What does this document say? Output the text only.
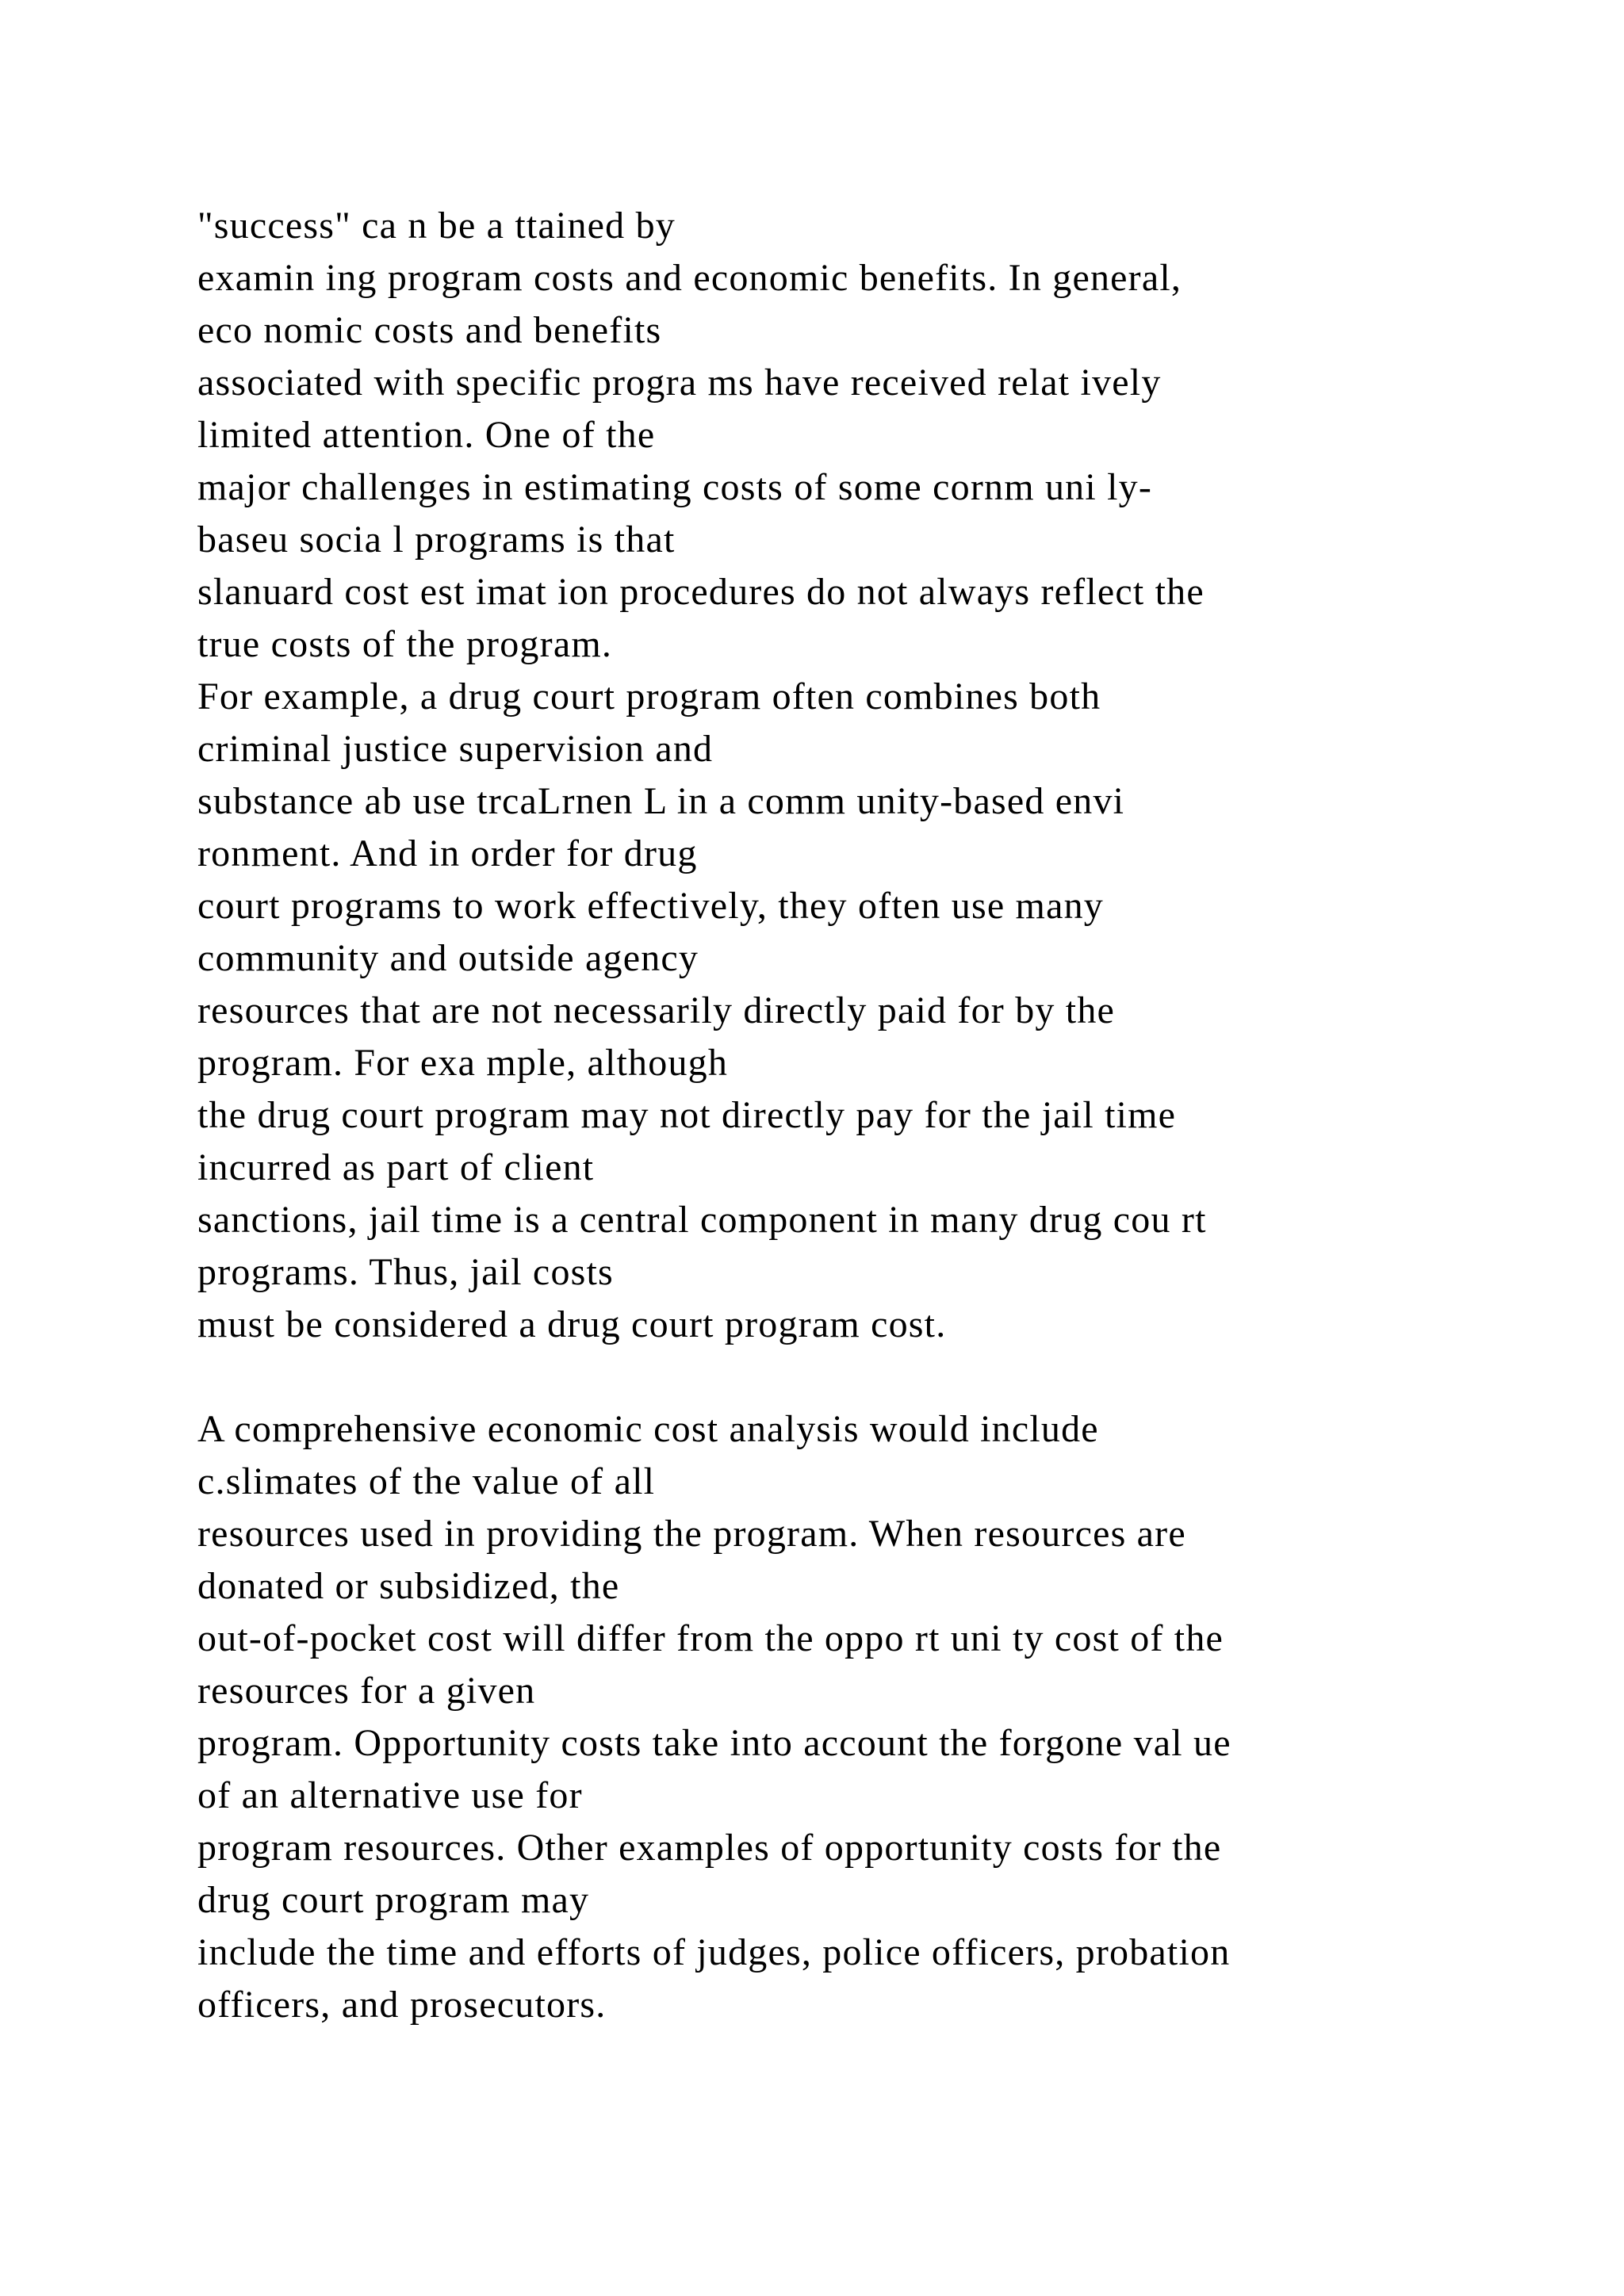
"success" ca n be a ttained by
examin ing program costs and economic benefits. In general,
eco nomic costs and benefits
associated with specific progra ms have received relat ively
limited attention. One of the
major challenges in estimating costs of some cornm uni ly-
baseu socia l programs is that
slanuard cost est imat ion procedures do not always reflect the
true costs of the program.
For example, a drug court program often combines both
criminal justice supervision and
substance ab use trcaLrnen L in a comm unity-based envi
ronment. And in order for drug
court programs to work effectively, they often use many
community and outside agency
resources that are not necessarily directly paid for by the
program. For exa mple, although
the drug court program may not directly pay for the jail time
incurred as part of client
sanctions, jail time is a central component in many drug cou rt
programs. Thus, jail costs
must be considered a drug court program cost.
A comprehensive economic cost analysis would include
c.slimates of the value of all
resources used in providing the program. When resources are
donated or subsidized, the
out-of-pocket cost will differ from the oppo rt uni ty cost of the
resources for a given
program. Opportunity costs take into account the forgone val ue
of an alternative use for
program resources. Other examples of opportunity costs for the
drug court program may
include the time and efforts of judges, police officers, probation
officers, and prosecutors.
